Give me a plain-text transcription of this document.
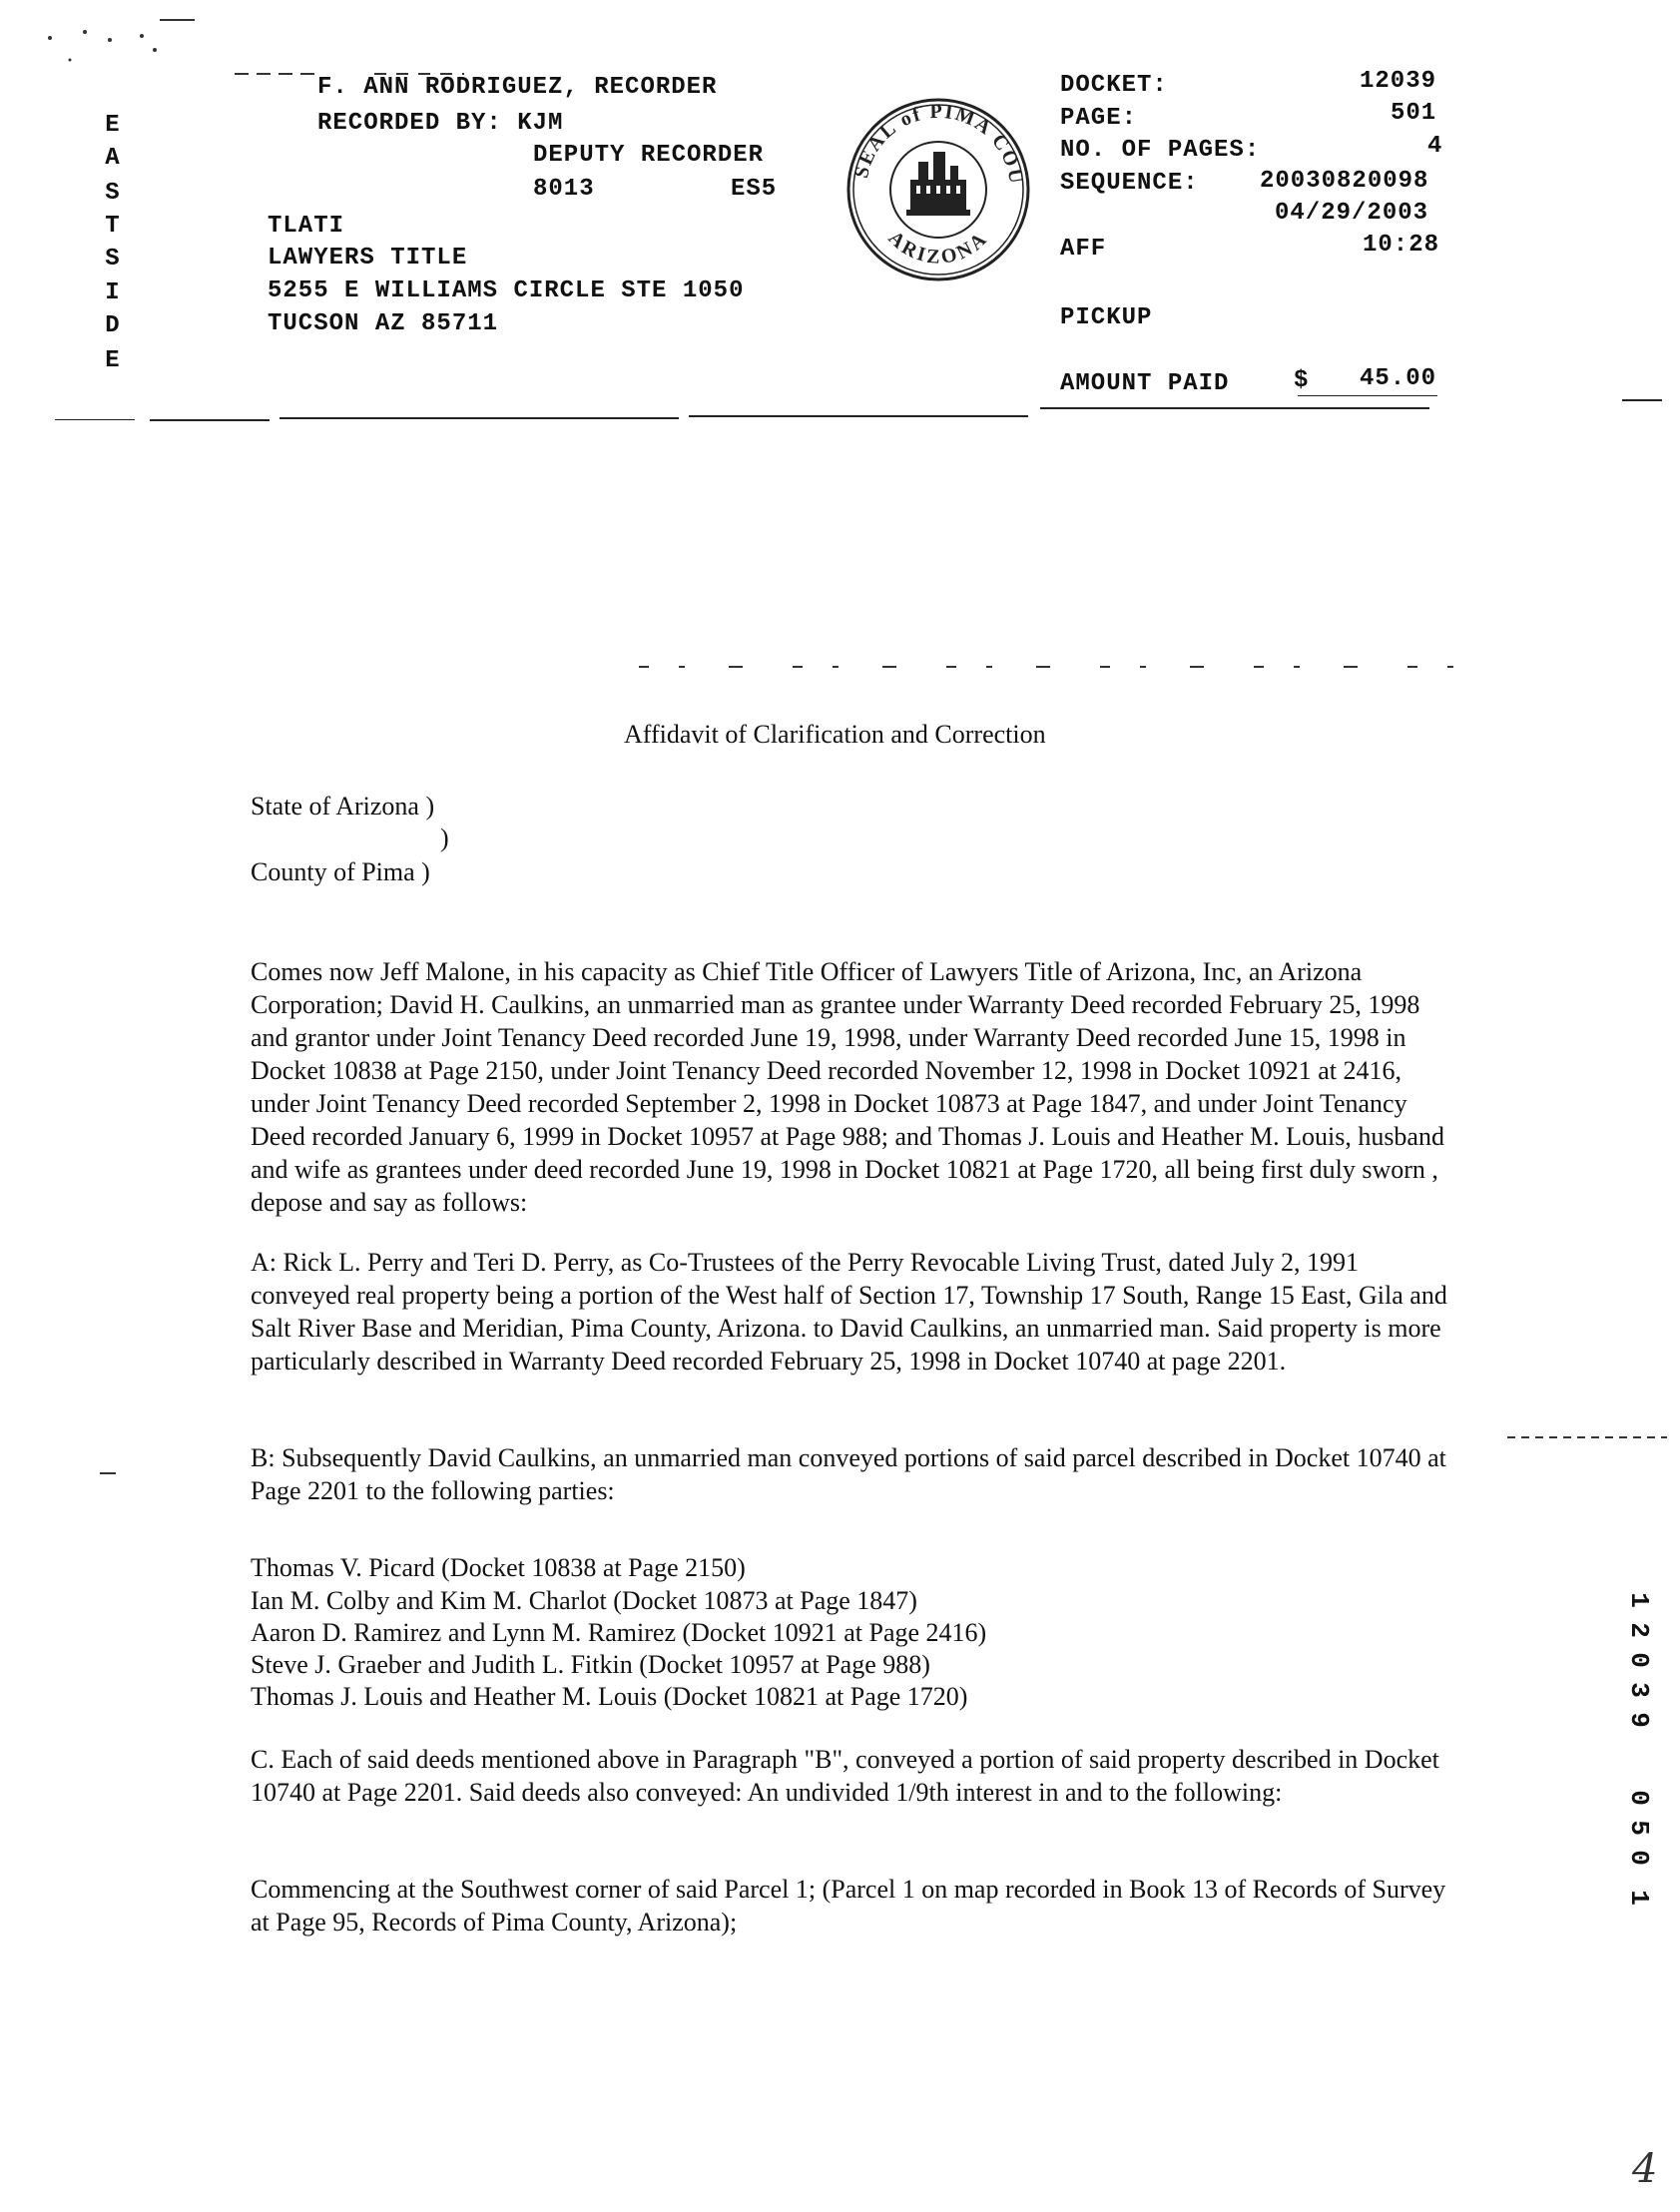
E
A
S
T
S
I
D
E
F. ANN RODRIGUEZ, RECORDER
RECORDED BY: KJM
DEPUTY RECORDER
8013	ES5
TLATI
LAWYERS TITLE
5255 E WILLIAMS CIRCLE STE 1050
TUCSON AZ 85711
SEAL of PIMA COU
ARIZONA
DOCKET:	12039
PAGE:	501
NO. OF PAGES:	4
SEQUENCE:	20030820098
04/29/2003
AFF	10:28
PICKUP
AMOUNT PAID	$ 45.00
Affidavit of Clarification and Correction
State of Arizona )
)
County of Pima )
Comes now Jeff Malone, in his capacity as Chief Title Officer of Lawyers Title of Arizona, Inc, an Arizona Corporation; David H. Caulkins, an unmarried man as grantee under Warranty Deed recorded February 25, 1998 and grantor under Joint Tenancy Deed recorded June 19, 1998, under Warranty Deed recorded June 15, 1998 in Docket 10838 at Page 2150, under Joint Tenancy Deed recorded November 12, 1998 in Docket 10921 at 2416, under Joint Tenancy Deed recorded September 2, 1998 in Docket 10873 at Page 1847, and under Joint Tenancy Deed recorded January 6, 1999 in Docket 10957 at Page 988; and Thomas J. Louis and Heather M. Louis, husband and wife as grantees under deed recorded June 19, 1998 in Docket 10821 at Page 1720, all being first duly sworn , depose and say as follows:
A: Rick L. Perry and Teri D. Perry, as Co-Trustees of the Perry Revocable Living Trust, dated July 2, 1991 conveyed real property being a portion of the West half of Section 17, Township 17 South, Range 15 East, Gila and Salt River Base and Meridian, Pima County, Arizona. to David Caulkins, an unmarried man. Said property is more particularly described in Warranty Deed recorded February 25, 1998 in Docket 10740 at page 2201.
B: Subsequently David Caulkins, an unmarried man conveyed portions of said parcel described in Docket 10740 at Page 2201 to the following parties:
Thomas V. Picard (Docket 10838 at Page 2150)
Ian M. Colby and Kim M. Charlot (Docket 10873 at Page 1847)
Aaron D. Ramirez and Lynn M. Ramirez (Docket 10921 at Page 2416)
Steve J. Graeber and Judith L. Fitkin (Docket 10957 at Page 988)
Thomas J. Louis and Heather M. Louis (Docket 10821 at Page 1720)
C. Each of said deeds mentioned above in Paragraph "B", conveyed a portion of said property described in Docket 10740 at Page 2201. Said deeds also conveyed: An undivided 1/9th interest in and to the following:
Commencing at the Southwest corner of said Parcel 1; (Parcel 1 on map recorded in Book 13 of Records of Survey at Page 95, Records of Pima County, Arizona);
1
2
0
3
9
0
5
0
1
4
